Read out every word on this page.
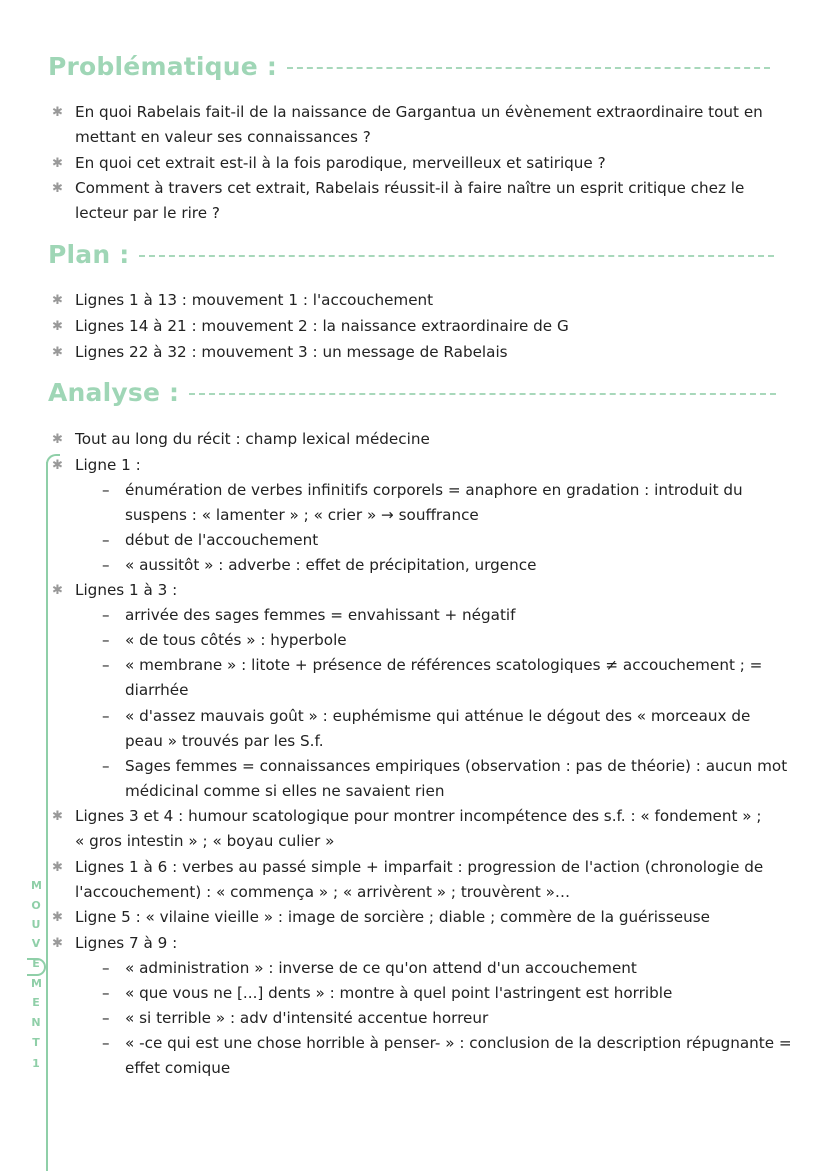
Problématique :
Plan :
Analyse :
✱ En quoi Rabelais fait-il de la naissance de Gargantua un évènement extraordinaire tout en
mettant en valeur ses connaissances ?
✱ En quoi cet extrait est-il à la fois parodique, merveilleux et satirique ?
✱ Comment à travers cet extrait, Rabelais réussit-il à faire naître un esprit critique chez le
lecteur par le rire ?
✱ Lignes 1 à 13 : mouvement 1 : l'accouchement
✱ Lignes 14 à 21 : mouvement 2 : la naissance extraordinaire de G
✱ Lignes 22 à 32 : mouvement 3 : un message de Rabelais
M
O
U
V
E
M
E
N
T
1
✱ Tout au long du récit : champ lexical médecine
✱ Ligne 1 :
– énumération de verbes infinitifs corporels = anaphore en gradation : introduit du
suspens : « lamenter » ; « crier » → souffrance
– début de l'accouchement
– « aussitôt » : adverbe : effet de précipitation, urgence
✱ Lignes 1 à 3 :
– arrivée des sages femmes = envahissant + négatif
– « de tous côtés » : hyperbole
– « membrane » : litote + présence de références scatologiques ≠ accouchement ; =
diarrhée
– « d'assez mauvais goût » : euphémisme qui atténue le dégout des « morceaux de
peau » trouvés par les S.f.
– Sages femmes = connaissances empiriques (observation : pas de théorie) : aucun mot
médicinal comme si elles ne savaient rien
✱ Lignes 3 et 4 : humour scatologique pour montrer incompétence des s.f. : « fondement » ;
« gros intestin » ; « boyau culier »
✱ Lignes 1 à 6 : verbes au passé simple + imparfait : progression de l'action (chronologie de
l'accouchement) : « commença » ; « arrivèrent » ; trouvèrent »…
✱ Ligne 5 : « vilaine vieille » : image de sorcière ; diable ; commère de la guérisseuse
✱ Lignes 7 à 9 :
– « administration » : inverse de ce qu'on attend d'un accouchement
– « que vous ne [...] dents » : montre à quel point l'astringent est horrible
– « si terrible » : adv d'intensité accentue horreur
– « -ce qui est une chose horrible à penser- » : conclusion de la description répugnante =
effet comique
